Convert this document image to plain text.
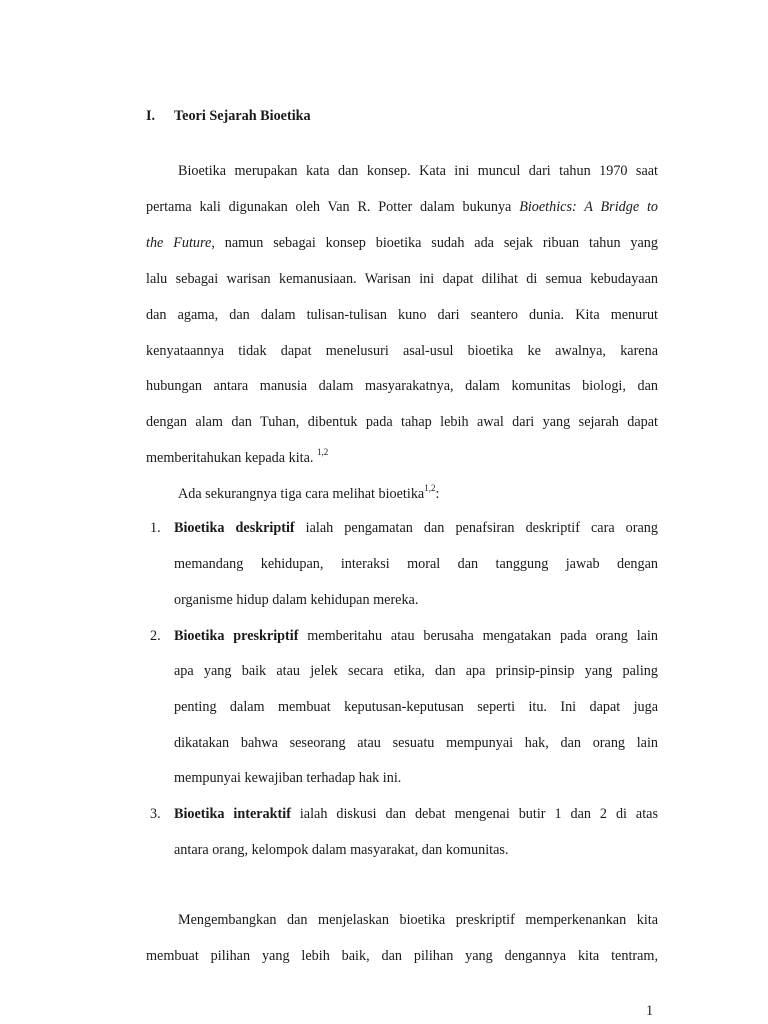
I. Teori Sejarah Bioetika
Bioetika merupakan kata dan konsep. Kata ini muncul dari tahun 1970 saat
pertama kali digunakan oleh Van R. Potter dalam bukunya Bioethics: A Bridge to
the Future, namun sebagai konsep bioetika sudah ada sejak ribuan tahun yang
lalu sebagai warisan kemanusiaan. Warisan ini dapat dilihat di semua kebudayaan
dan agama, dan dalam tulisan-tulisan kuno dari seantero dunia. Kita menurut
kenyataannya tidak dapat menelusuri asal-usul bioetika ke awalnya, karena
hubungan antara manusia dalam masyarakatnya, dalam komunitas biologi, dan
dengan alam dan Tuhan, dibentuk pada tahap lebih awal dari yang sejarah dapat
memberitahukan kepada kita. $^{1,2}$
Ada sekurangnya tiga cara melihat bioetika$^{1,2}$:
1. Bioetika deskriptif ialah pengamatan dan penafsiran deskriptif cara orang
memandang kehidupan, interaksi moral dan tanggung jawab dengan
organisme hidup dalam kehidupan mereka.
2. Bioetika preskriptif memberitahu atau berusaha mengatakan pada orang lain
apa yang baik atau jelek secara etika, dan apa prinsip-pinsip yang paling
penting dalam membuat keputusan-keputusan seperti itu. Ini dapat juga
dikatakan bahwa seseorang atau sesuatu mempunyai hak, dan orang lain
mempunyai kewajiban terhadap hak ini.
3. Bioetika interaktif ialah diskusi dan debat mengenai butir 1 dan 2 di atas
antara orang, kelompok dalam masyarakat, dan komunitas.
Mengembangkan dan menjelaskan bioetika preskriptif memperkenankan kita
membuat pilihan yang lebih baik, dan pilihan yang dengannya kita tentram,
1
